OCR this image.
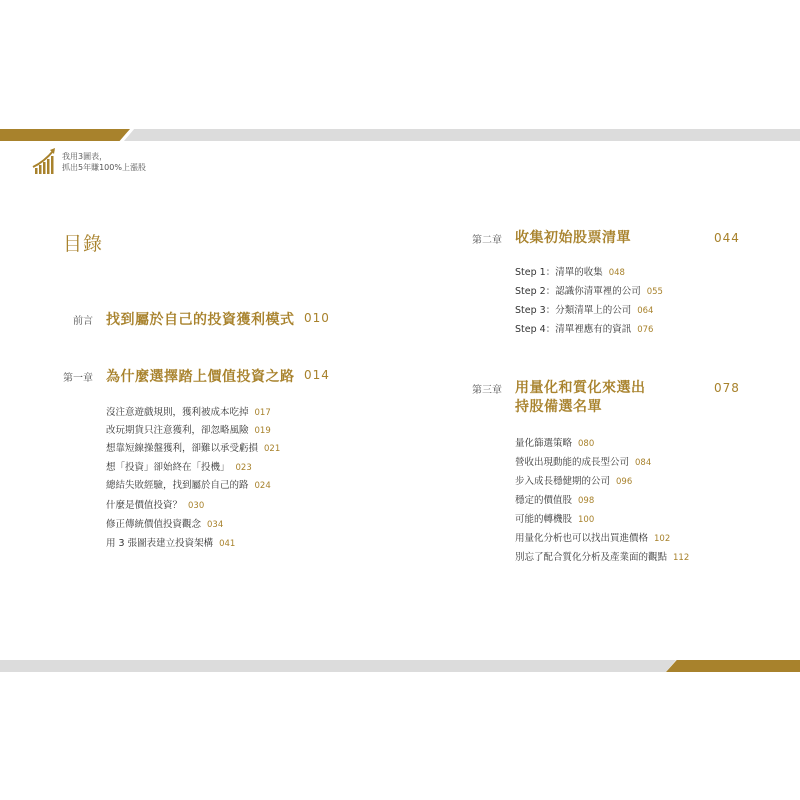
我用3圖表，
抓出5年賺100%上漲股
目錄
前言 找到屬於自己的投資獲利模式 010
第一章 為什麼選擇踏上價值投資之路 014
沒注意遊戲規則，獲利被成本吃掉 017
改玩期貨只注意獲利，卻忽略風險 019
想靠短線操盤獲利，卻難以承受虧損 021
想「投資」卻始終在「投機」 023
總結失敗經驗，找到屬於自己的路 024
什麼是價值投資？ 030
修正傳統價值投資觀念 034
用 3 張圖表建立投資架構 041
第二章 收集初始股票清單	044
Step 1：清單的收集 048
Step 2：認識你清單裡的公司 055
Step 3：分類清單上的公司 064
Step 4：清單裡應有的資訊 076
第三章 用量化和質化來選出
持股備選名單
078
量化篩選策略 080
營收出現動能的成長型公司 084
步入成長穩健期的公司 096
穩定的價值股 098
可能的轉機股 100
用量化分析也可以找出買進價格 102
別忘了配合質化分析及產業面的觀點 112
